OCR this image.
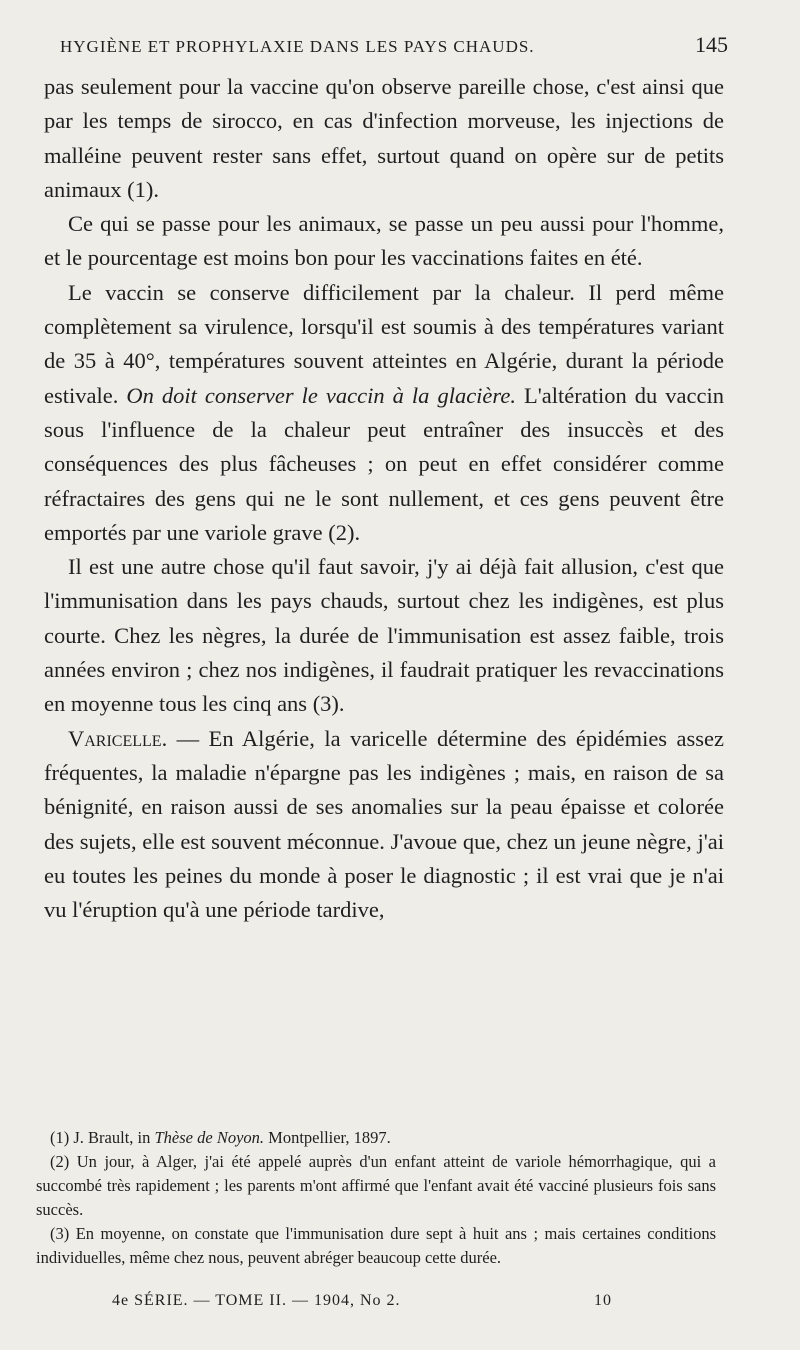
HYGIÈNE ET PROPHYLAXIE DANS LES PAYS CHAUDS.	145

pas seulement pour la vaccine qu'on observe pareille chose, c'est ainsi que par les temps de sirocco, en cas d'infection morveuse, les injections de malléine peuvent rester sans effet, surtout quand on opère sur de petits animaux (1).

Ce qui se passe pour les animaux, se passe un peu aussi pour l'homme, et le pourcentage est moins bon pour les vaccinations faites en été.

Le vaccin se conserve difficilement par la chaleur. Il perd même complètement sa virulence, lorsqu'il est soumis à des températures variant de 35 à 40°, températures souvent atteintes en Algérie, durant la période estivale. On doit conserver le vaccin à la glacière. L'altération du vaccin sous l'influence de la chaleur peut entraîner des insuccès et des conséquences des plus fâcheuses ; on peut en effet considérer comme réfractaires des gens qui ne le sont nullement, et ces gens peuvent être emportés par une variole grave (2).

Il est une autre chose qu'il faut savoir, j'y ai déjà fait allusion, c'est que l'immunisation dans les pays chauds, surtout chez les indigènes, est plus courte. Chez les nègres, la durée de l'immunisation est assez faible, trois années environ ; chez nos indigènes, il faudrait pratiquer les revaccinations en moyenne tous les cinq ans (3).

Varicelle. — En Algérie, la varicelle détermine des épidémies assez fréquentes, la maladie n'épargne pas les indigènes ; mais, en raison de sa bénignité, en raison aussi de ses anomalies sur la peau épaisse et colorée des sujets, elle est souvent méconnue. J'avoue que, chez un jeune nègre, j'ai eu toutes les peines du monde à poser le diagnostic ; il est vrai que je n'ai vu l'éruption qu'à une période tardive,

(1) J. Brault, in Thèse de Noyon. Montpellier, 1897.

(2) Un jour, à Alger, j'ai été appelé auprès d'un enfant atteint de variole hémorrhagique, qui a succombé très rapidement ; les parents m'ont affirmé que l'enfant avait été vacciné plusieurs fois sans succès.

(3) En moyenne, on constate que l'immunisation dure sept à huit ans ; mais certaines conditions individuelles, même chez nous, peuvent abréger beaucoup cette durée.

4e SÉRIE. — TOME II. — 1904, No 2.	10
